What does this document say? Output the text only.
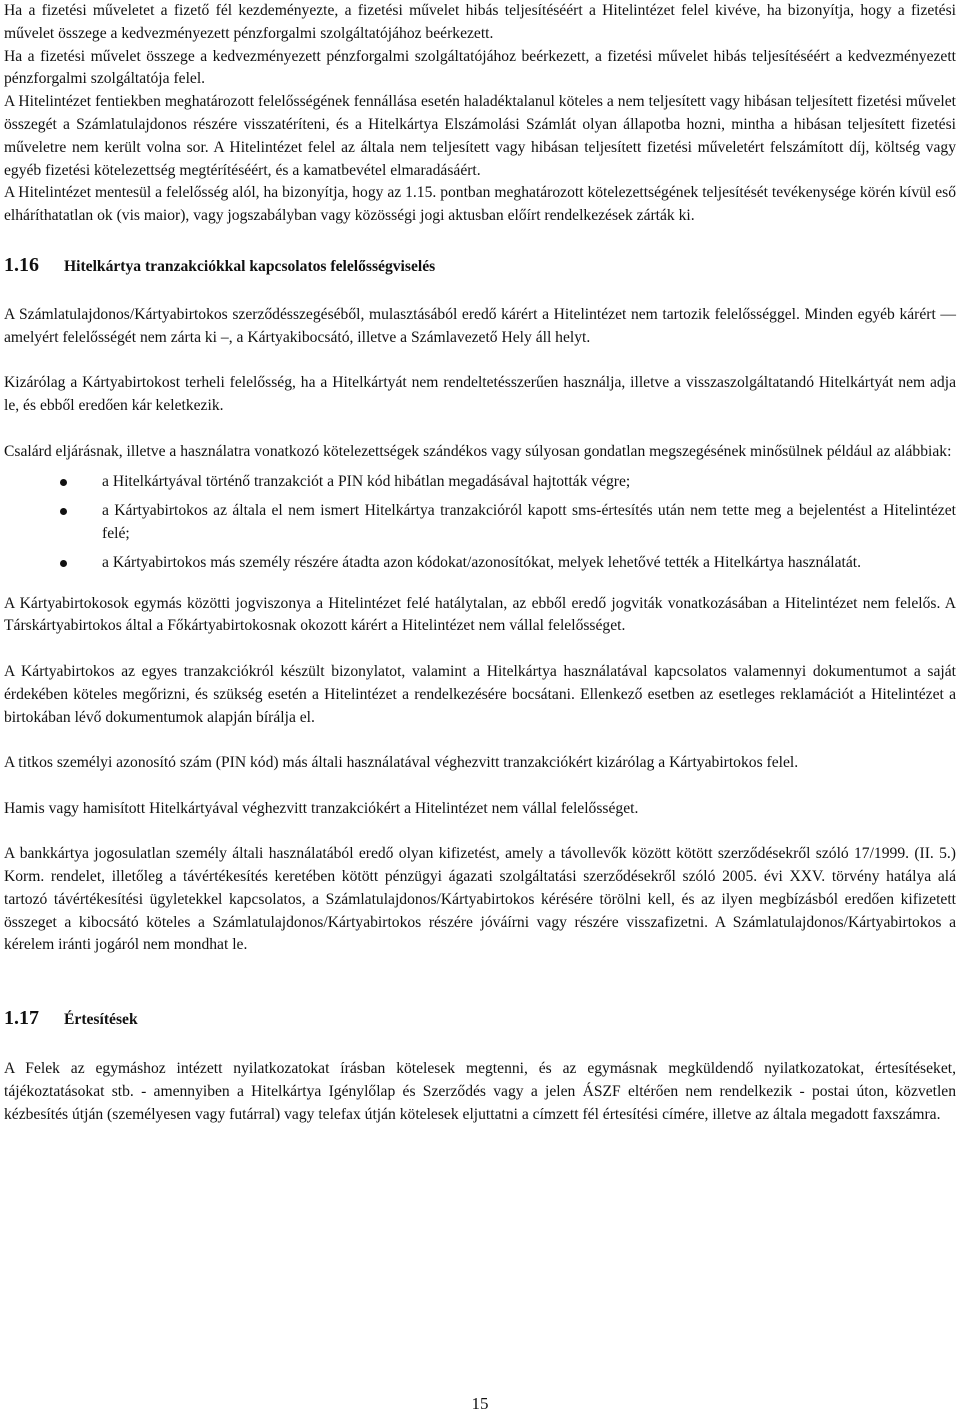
Ha a fizetési műveletet a fizető fél kezdeményezte, a fizetési művelet hibás teljesítéséért a Hitelintézet felel kivéve, ha bizonyítja, hogy a fizetési művelet összege a kedvezményezett pénzforgalmi szolgáltatójához beérkezett.

Ha a fizetési művelet összege a kedvezményezett pénzforgalmi szolgáltatójához beérkezett, a fizetési művelet hibás teljesítéséért a kedvezményezett pénzforgalmi szolgáltatója felel.

A Hitelintézet fentiekben meghatározott felelősségének fennállása esetén haladéktalanul köteles a nem teljesített vagy hibásan teljesített fizetési művelet összegét a Számlatulajdonos részére visszatéríteni, és a Hitelkártya Elszámolási Számlát olyan állapotba hozni, mintha a hibásan teljesített fizetési műveletre nem került volna sor. A Hitelintézet felel az általa nem teljesített vagy hibásan teljesített fizetési műveletért felszámított díj, költség vagy egyéb fizetési kötelezettség megtérítéséért, és a kamatbevétel elmaradásáért.

A Hitelintézet mentesül a felelősség alól, ha bizonyítja, hogy az 1.15. pontban meghatározott kötelezettségének teljesítését tevékenysége körén kívül eső elháríthatatlan ok (vis maior), vagy jogszabályban vagy közösségi jogi aktusban előírt rendelkezések zárták ki.

1.16	Hitelkártya tranzakciókkal kapcsolatos felelősségviselés

A Számlatulajdonos/Kártyabirtokos szerződésszegéséből, mulasztásából eredő kárért a Hitelintézet nem tartozik felelősséggel. Minden egyéb kárért — amelyért felelősségét nem zárta ki –, a Kártyakibocsátó, illetve a Számlavezető Hely áll helyt.

Kizárólag a Kártyabirtokost terheli felelősség, ha a Hitelkártyát nem rendeltetésszerűen használja, illetve a visszaszolgáltatandó Hitelkártyát nem adja le, és ebből eredően kár keletkezik.

Csalárd eljárásnak, illetve a használatra vonatkozó kötelezettségek szándékos vagy súlyosan gondatlan megszegésének minősülnek például az alábbiak:

a Hitelkártyával történő tranzakciót a PIN kód hibátlan megadásával hajtották végre;
a Kártyabirtokos az általa el nem ismert Hitelkártya tranzakcióról kapott sms-értesítés után nem tette meg a bejelentést a Hitelintézet felé;
a Kártyabirtokos más személy részére átadta azon kódokat/azonosítókat, melyek lehetővé tették a Hitelkártya használatát.

A Kártyabirtokosok egymás közötti jogviszonya a Hitelintézet felé hatálytalan, az ebből eredő jogviták vonatkozásában a Hitelintézet nem felelős. A Társkártyabirtokos által a Főkártyabirtokosnak okozott kárért a Hitelintézet nem vállal felelősséget.

A Kártyabirtokos az egyes tranzakciókról készült bizonylatot, valamint a Hitelkártya használatával kapcsolatos valamennyi dokumentumot a saját érdekében köteles megőrizni, és szükség esetén a Hitelintézet a rendelkezésére bocsátani. Ellenkező esetben az esetleges reklamációt a Hitelintézet a birtokában lévő dokumentumok alapján bírálja el.

A titkos személyi azonosító szám (PIN kód) más általi használatával véghezvitt tranzakciókért kizárólag a Kártyabirtokos felel.

Hamis vagy hamisított Hitelkártyával véghezvitt tranzakciókért a Hitelintézet nem vállal felelősséget.

A bankkártya jogosulatlan személy általi használatából eredő olyan kifizetést, amely a távollevők között kötött szerződésekről szóló 17/1999. (II. 5.) Korm. rendelet, illetőleg a távértékesítés keretében kötött pénzügyi ágazati szolgáltatási szerződésekről szóló 2005. évi XXV. törvény hatálya alá tartozó távértékesítési ügyletekkel kapcsolatos, a Számlatulajdonos/Kártyabirtokos kérésére törölni kell, és az ilyen megbízásból eredően kifizetett összeget a kibocsátó köteles a Számlatulajdonos/Kártyabirtokos részére jóváírni vagy részére visszafizetni. A Számlatulajdonos/Kártyabirtokos a kérelem iránti jogáról nem mondhat le.

1.17	Értesítések

A Felek az egymáshoz intézett nyilatkozatokat írásban kötelesek megtenni, és az egymásnak megküldendő nyilatkozatokat, értesítéseket, tájékoztatásokat stb. - amennyiben a Hitelkártya Igénylőlap és Szerződés vagy a jelen ÁSZF eltérően nem rendelkezik - postai úton, közvetlen kézbesítés útján (személyesen vagy futárral) vagy telefax útján kötelesek eljuttatni a címzett fél értesítési címére, illetve az általa megadott faxszámra.

15
